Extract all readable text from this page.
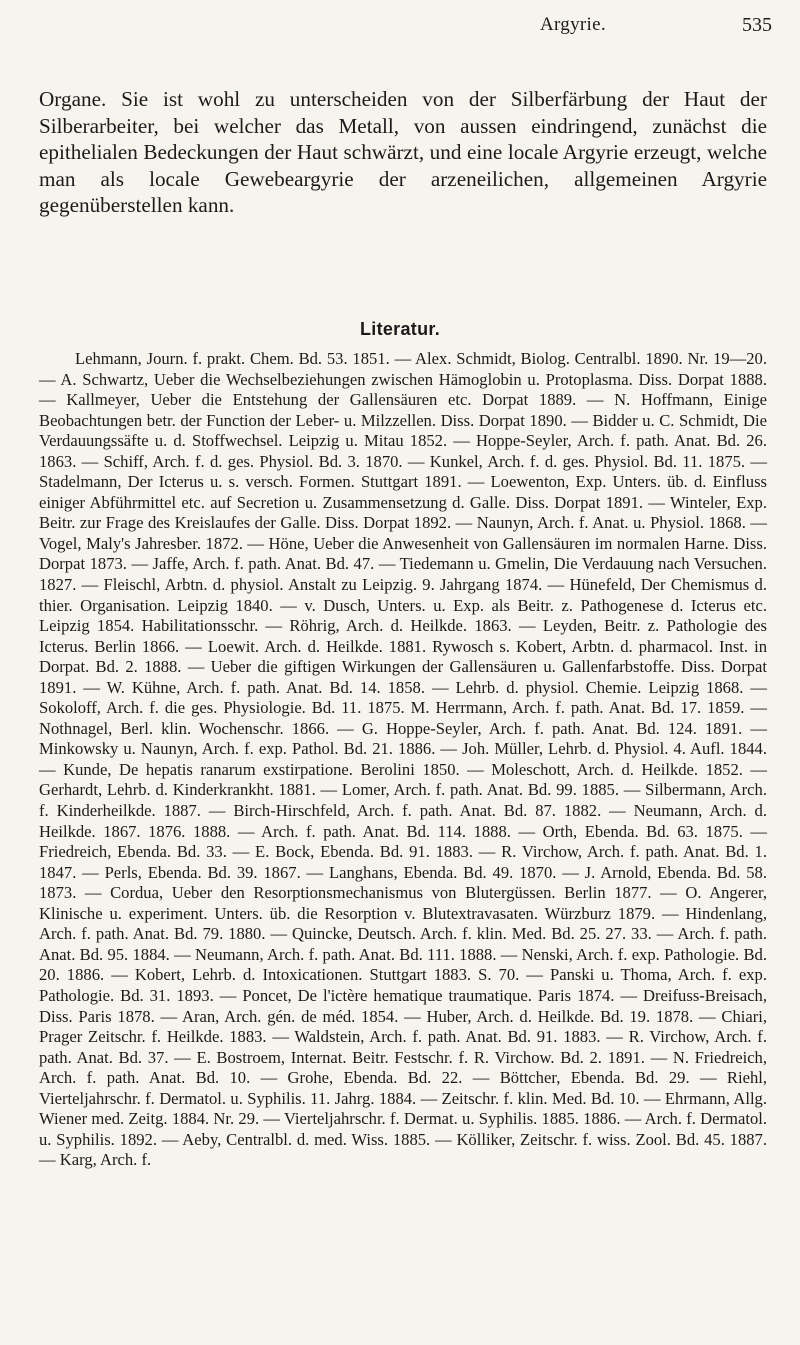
Argyrie.	535

Organe. Sie ist wohl zu unterscheiden von der Silberfärbung der Haut der Silberarbeiter, bei welcher das Metall, von aussen eindringend, zunächst die epithelialen Bedeckungen der Haut schwärzt, und eine locale Argyrie erzeugt, welche man als locale Gewebeargyrie der arzeneilichen, allgemeinen Argyrie gegenüberstellen kann.

Literatur.

Lehmann, Journ. f. prakt. Chem. Bd. 53. 1851. — Alex. Schmidt, Biolog. Centralbl. 1890. Nr. 19—20. — A. Schwartz, Ueber die Wechselbeziehungen zwischen Hämoglobin u. Protoplasma. Diss. Dorpat 1888. — Kallmeyer, Ueber die Entstehung der Gallensäuren etc. Dorpat 1889. — N. Hoffmann, Einige Beobachtungen betr. der Function der Leber- u. Milzzellen. Diss. Dorpat 1890. — Bidder u. C. Schmidt, Die Verdauungssäfte u. d. Stoffwechsel. Leipzig u. Mitau 1852. — Hoppe-Seyler, Arch. f. path. Anat. Bd. 26. 1863. — Schiff, Arch. f. d. ges. Physiol. Bd. 3. 1870. — Kunkel, Arch. f. d. ges. Physiol. Bd. 11. 1875. — Stadelmann, Der Icterus u. s. versch. Formen. Stuttgart 1891. — Loewenton, Exp. Unters. üb. d. Einfluss einiger Abführmittel etc. auf Secretion u. Zusammensetzung d. Galle. Diss. Dorpat 1891. — Winteler, Exp. Beitr. zur Frage des Kreislaufes der Galle. Diss. Dorpat 1892. — Naunyn, Arch. f. Anat. u. Physiol. 1868. — Vogel, Maly's Jahresber. 1872. — Höne, Ueber die Anwesenheit von Gallensäuren im normalen Harne. Diss. Dorpat 1873. — Jaffe, Arch. f. path. Anat. Bd. 47. — Tiedemann u. Gmelin, Die Verdauung nach Versuchen. 1827. — Fleischl, Arbtn. d. physiol. Anstalt zu Leipzig. 9. Jahrgang 1874. — Hünefeld, Der Chemismus d. thier. Organisation. Leipzig 1840. — v. Dusch, Unters. u. Exp. als Beitr. z. Pathogenese d. Icterus etc. Leipzig 1854. Habilitationsschr. — Röhrig, Arch. d. Heilkde. 1863. — Leyden, Beitr. z. Pathologie des Icterus. Berlin 1866. — Loewit. Arch. d. Heilkde. 1881. Rywosch s. Kobert, Arbtn. d. pharmacol. Inst. in Dorpat. Bd. 2. 1888. — Ueber die giftigen Wirkungen der Gallensäuren u. Gallenfarbstoffe. Diss. Dorpat 1891. — W. Kühne, Arch. f. path. Anat. Bd. 14. 1858. — Lehrb. d. physiol. Chemie. Leipzig 1868. — Sokoloff, Arch. f. die ges. Physiologie. Bd. 11. 1875. M. Herrmann, Arch. f. path. Anat. Bd. 17. 1859. — Nothnagel, Berl. klin. Wochenschr. 1866. — G. Hoppe-Seyler, Arch. f. path. Anat. Bd. 124. 1891. — Minkowsky u. Naunyn, Arch. f. exp. Pathol. Bd. 21. 1886. — Joh. Müller, Lehrb. d. Physiol. 4. Aufl. 1844. — Kunde, De hepatis ranarum exstirpatione. Berolini 1850. — Moleschott, Arch. d. Heilkde. 1852. — Gerhardt, Lehrb. d. Kinderkrankht. 1881. — Lomer, Arch. f. path. Anat. Bd. 99. 1885. — Silbermann, Arch. f. Kinderheilkde. 1887. — Birch-Hirschfeld, Arch. f. path. Anat. Bd. 87. 1882. — Neumann, Arch. d. Heilkde. 1867. 1876. 1888. — Arch. f. path. Anat. Bd. 114. 1888. — Orth, Ebenda. Bd. 63. 1875. — Friedreich, Ebenda. Bd. 33. — E. Bock, Ebenda. Bd. 91. 1883. — R. Virchow, Arch. f. path. Anat. Bd. 1. 1847. — Perls, Ebenda. Bd. 39. 1867. — Langhans, Ebenda. Bd. 49. 1870. — J. Arnold, Ebenda. Bd. 58. 1873. — Cordua, Ueber den Resorptionsmechanismus von Blutergüssen. Berlin 1877. — O. Angerer, Klinische u. experiment. Unters. üb. die Resorption v. Blutextravasaten. Würzburz 1879. — Hindenlang, Arch. f. path. Anat. Bd. 79. 1880. — Quincke, Deutsch. Arch. f. klin. Med. Bd. 25. 27. 33. — Arch. f. path. Anat. Bd. 95. 1884. — Neumann, Arch. f. path. Anat. Bd. 111. 1888. — Nenski, Arch. f. exp. Pathologie. Bd. 20. 1886. — Kobert, Lehrb. d. Intoxicationen. Stuttgart 1883. S. 70. — Panski u. Thoma, Arch. f. exp. Pathologie. Bd. 31. 1893. — Poncet, De l'ictère hematique traumatique. Paris 1874. — Dreifuss-Breisach, Diss. Paris 1878. — Aran, Arch. gén. de méd. 1854. — Huber, Arch. d. Heilkde. Bd. 19. 1878. — Chiari, Prager Zeitschr. f. Heilkde. 1883. — Waldstein, Arch. f. path. Anat. Bd. 91. 1883. — R. Virchow, Arch. f. path. Anat. Bd. 37. — E. Bostroem, Internat. Beitr. Festschr. f. R. Virchow. Bd. 2. 1891. — N. Friedreich, Arch. f. path. Anat. Bd. 10. — Grohe, Ebenda. Bd. 22. — Böttcher, Ebenda. Bd. 29. — Riehl, Vierteljahrschr. f. Dermatol. u. Syphilis. 11. Jahrg. 1884. — Zeitschr. f. klin. Med. Bd. 10. — Ehrmann, Allg. Wiener med. Zeitg. 1884. Nr. 29. — Vierteljahrschr. f. Dermat. u. Syphilis. 1885. 1886. — Arch. f. Dermatol. u. Syphilis. 1892. — Aeby, Centralbl. d. med. Wiss. 1885. — Kölliker, Zeitschr. f. wiss. Zool. Bd. 45. 1887. — Karg, Arch. f.
